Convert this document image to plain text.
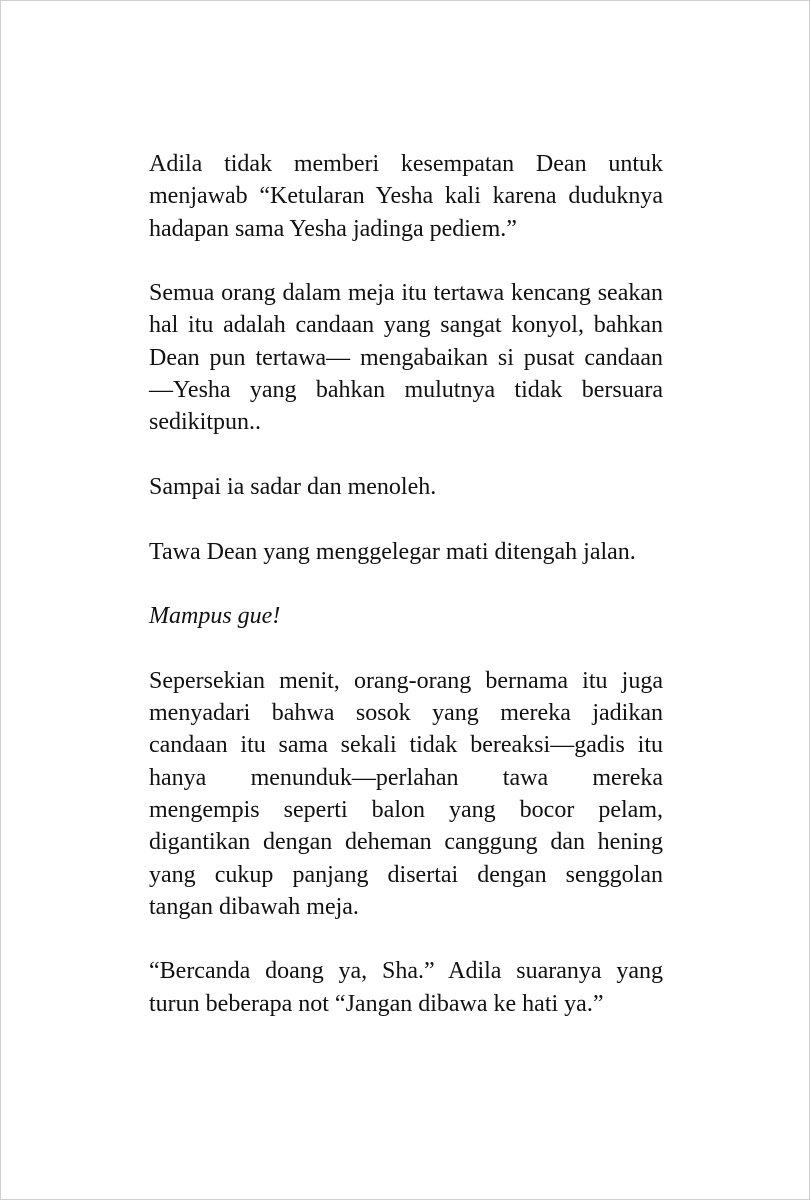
Adila tidak memberi kesempatan Dean untuk menjawab “Ketularan Yesha kali karena duduknya hadapan sama Yesha jadinga pediem.”

Semua orang dalam meja itu tertawa kencang seakan hal itu adalah candaan yang sangat konyol, bahkan Dean pun tertawa— mengabaikan si pusat candaan—Yesha yang bahkan mulutnya tidak bersuara sedikitpun..

Sampai ia sadar dan menoleh.

Tawa Dean yang menggelegar mati ditengah jalan.

Mampus gue!

Sepersekian menit, orang-orang bernama itu juga menyadari bahwa sosok yang mereka jadikan candaan itu sama sekali tidak bereaksi—gadis itu hanya menunduk—perlahan tawa mereka mengempis seperti balon yang bocor pelam, digantikan dengan deheman canggung dan hening yang cukup panjang disertai dengan senggolan tangan dibawah meja.

“Bercanda doang ya, Sha.” Adila suaranya yang turun beberapa not “Jangan dibawa ke hati ya.”
